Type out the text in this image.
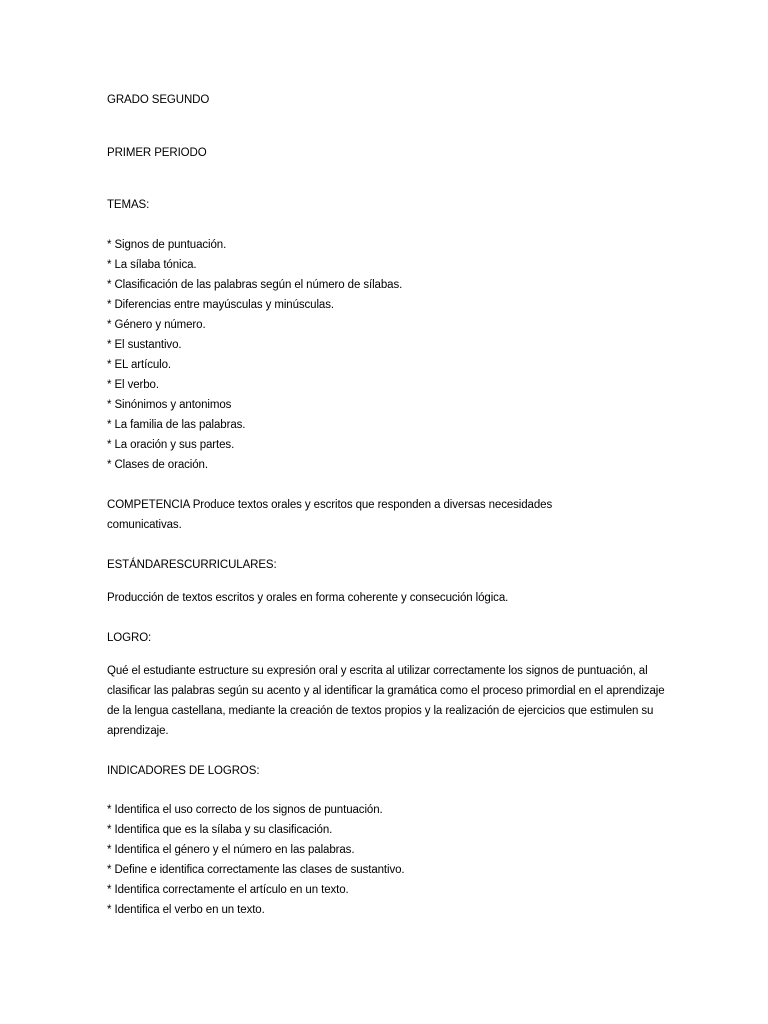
GRADO SEGUNDO
PRIMER PERIODO
TEMAS:
* Signos de puntuación.
* La sílaba tónica.
* Clasificación de las palabras según el número de sílabas.
* Diferencias entre mayúsculas y minúsculas.
* Género y número.
* El sustantivo.
* EL artículo.
* El verbo.
* Sinónimos y antonimos
* La familia de las palabras.
* La oración y sus partes.
* Clases de oración.
COMPETENCIA Produce textos orales y escritos que responden a diversas necesidades comunicativas.
ESTÁNDARESCURRICULARES:
Producción de textos escritos y orales en forma coherente y consecución lógica.
LOGRO:
Qué el estudiante estructure su expresión oral y escrita al utilizar correctamente los signos de puntuación, al clasificar las palabras según su acento y al identificar la gramática como el proceso primordial en el aprendizaje de la lengua castellana, mediante la creación de textos propios y la realización de ejercicios que estimulen su aprendizaje.
INDICADORES DE LOGROS:
* Identifica el uso correcto de los signos de puntuación.
* Identifica que es la sílaba y su clasificación.
* Identifica el género y el número en las palabras.
* Define e identifica correctamente las clases de sustantivo.
* Identifica correctamente el artículo en un texto.
* Identifica el verbo en un texto.
